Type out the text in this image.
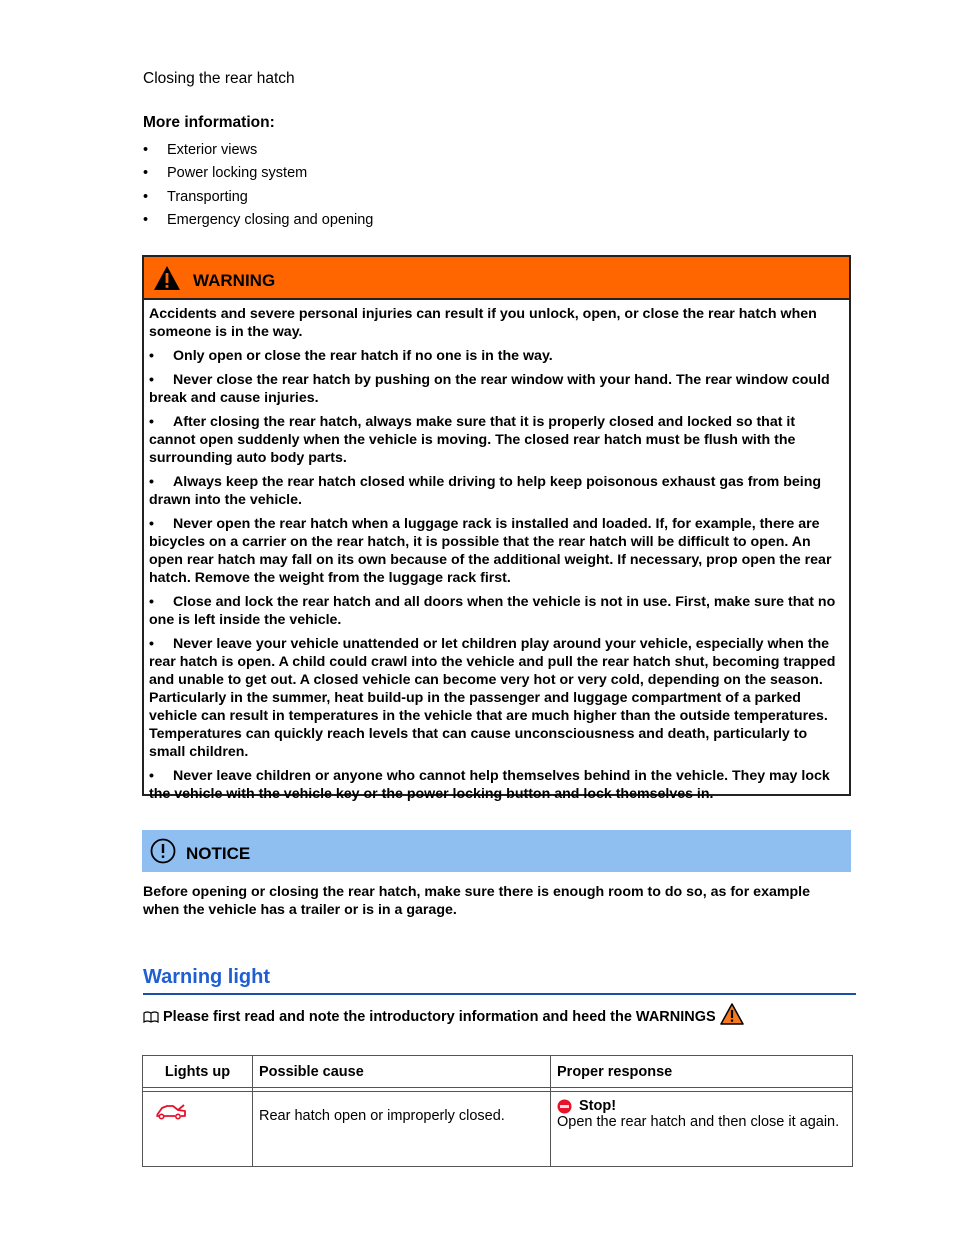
Closing the rear hatch
More information:
• Exterior views
• Power locking system
• Transporting
• Emergency closing and opening
WARNING

Accidents and severe personal injuries can result if you unlock, open, or close the rear hatch when someone is in the way.

• Only open or close the rear hatch if no one is in the way.

• Never close the rear hatch by pushing on the rear window with your hand. The rear window could break and cause injuries.

• After closing the rear hatch, always make sure that it is properly closed and locked so that it cannot open suddenly when the vehicle is moving. The closed rear hatch must be flush with the surrounding auto body parts.

• Always keep the rear hatch closed while driving to help keep poisonous exhaust gas from being drawn into the vehicle.

• Never open the rear hatch when a luggage rack is installed and loaded. If, for example, there are bicycles on a carrier on the rear hatch, it is possible that the rear hatch will be difficult to open. An open rear hatch may fall on its own because of the additional weight. If necessary, prop open the rear hatch. Remove the weight from the luggage rack first.

• Close and lock the rear hatch and all doors when the vehicle is not in use. First, make sure that no one is left inside the vehicle.

• Never leave your vehicle unattended or let children play around your vehicle, especially when the rear hatch is open. A child could crawl into the vehicle and pull the rear hatch shut, becoming trapped and unable to get out. A closed vehicle can become very hot or very cold, depending on the season. Particularly in the summer, heat build-up in the passenger and luggage compartment of a parked vehicle can result in temperatures in the vehicle that are much higher than the outside temperatures. Temperatures can quickly reach levels that can cause unconsciousness and death, particularly to small children.

• Never leave children or anyone who cannot help themselves behind in the vehicle. They may lock the vehicle with the vehicle key or the power locking button and lock themselves in.

NOTICE
Before opening or closing the rear hatch, make sure there is enough room to do so, as for example when the vehicle has a trailer or is in a garage.
Warning light
Please first read and note the introductory information and heed the WARNINGS
Lights up	Possible cause	Proper response

	Rear hatch open or improperly closed.	Stop!
Open the rear hatch and then close it again.
